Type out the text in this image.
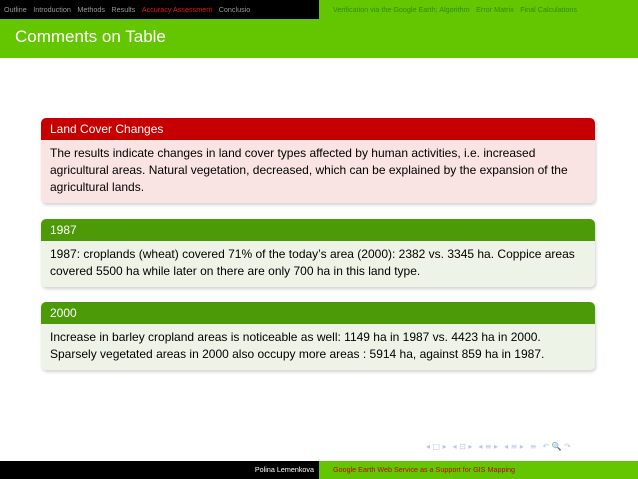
Outline Introduction Methods Results Accuracy Assessment Conclusio	Verification via the Google Earth: Algorithm Error Matrix Final Calculations
Comments on Table
Land Cover Changes
The results indicate changes in land cover types affected by human activities, i.e. increased agricultural areas. Natural vegetation, decreased, which can be explained by the expansion of the agricultural lands.
1987
1987: croplands (wheat) covered 71% of the today’s area (2000): 2382 vs. 3345 ha. Coppice areas covered 5500 ha while later on there are only 700 ha in this land type.
2000
Increase in barley cropland areas is noticeable as well: 1149 ha in 1987 vs. 4423 ha in 2000. Sparsely vegetated areas in 2000 also occupy more areas : 5914 ha, against 859 ha in 1987.
◂ □ ▸ ◂ ⊡ ▸ ◂ ≡ ▸ ◂ ≡ ▸ ≡ ↶ 🔍 ↷
Polina Lemenkova	Google Earth Web Service as a Support for GIS Mapping
